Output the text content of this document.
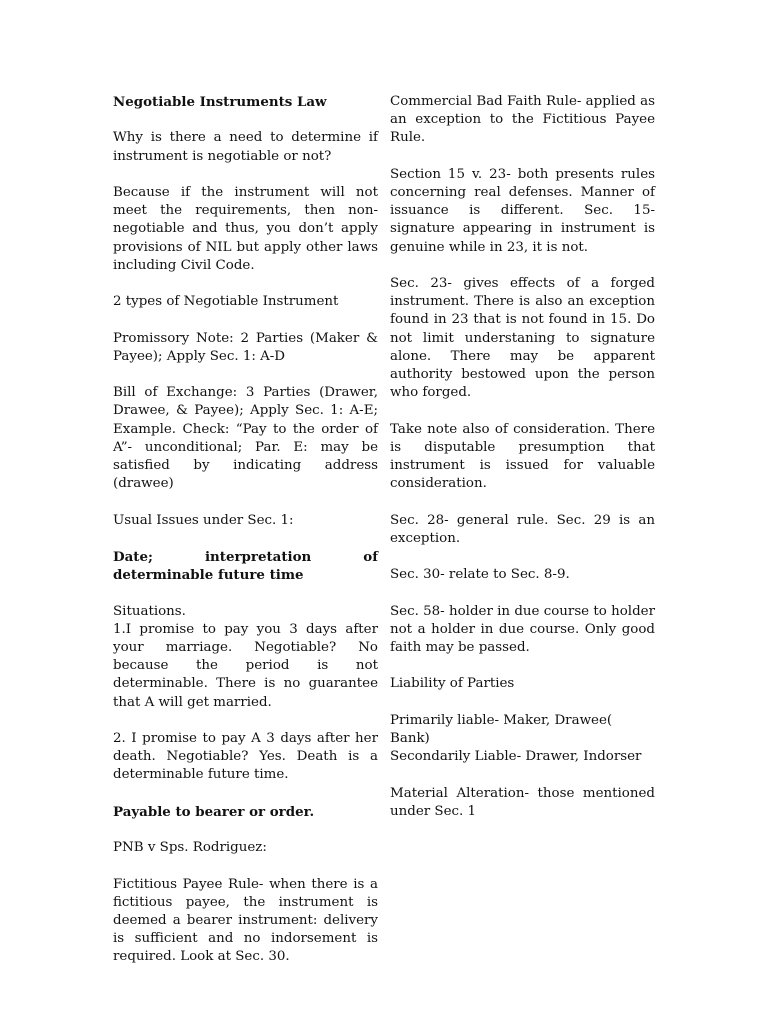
Negotiable Instruments Law

Why is there a need to determine if instrument is negotiable or not?

Because if the instrument will not meet the requirements, then non-negotiable and thus, you don’t apply provisions of NIL but apply other laws including Civil Code.

2 types of Negotiable Instrument

Promissory Note: 2 Parties (Maker & Payee); Apply Sec. 1: A-D

Bill of Exchange: 3 Parties (Drawer, Drawee, & Payee); Apply Sec. 1: A-E; Example. Check: “Pay to the order of A”- unconditional; Par. E: may be satisfied by indicating address (drawee)

Usual Issues under Sec. 1:

Date; interpretation of determinable future time

Situations.
1.I promise to pay you 3 days after your marriage. Negotiable? No because the period is not determinable. There is no guarantee that A will get married.

2. I promise to pay A 3 days after her death. Negotiable? Yes. Death is a determinable future time.

Payable to bearer or order.

PNB v Sps. Rodriguez:

Fictitious Payee Rule- when there is a fictitious payee, the instrument is deemed a bearer instrument: delivery is sufficient and no indorsement is required. Look at Sec. 30.

Commercial Bad Faith Rule- applied as an exception to the Fictitious Payee Rule.

Section 15 v. 23- both presents rules concerning real defenses. Manner of issuance is different. Sec. 15- signature appearing in instrument is genuine while in 23, it is not.

Sec. 23- gives effects of a forged instrument. There is also an exception found in 23 that is not found in 15. Do not limit understaning to signature alone. There may be apparent authority bestowed upon the person who forged.

Take note also of consideration. There is disputable presumption that instrument is issued for valuable consideration.

Sec. 28- general rule. Sec. 29 is an exception.

Sec. 30- relate to Sec. 8-9.

Sec. 58- holder in due course to holder not a holder in due course. Only good faith may be passed.

Liability of Parties

Primarily liable- Maker, Drawee( Bank)
Secondarily Liable- Drawer, Indorser

Material Alteration- those mentioned under Sec. 1
